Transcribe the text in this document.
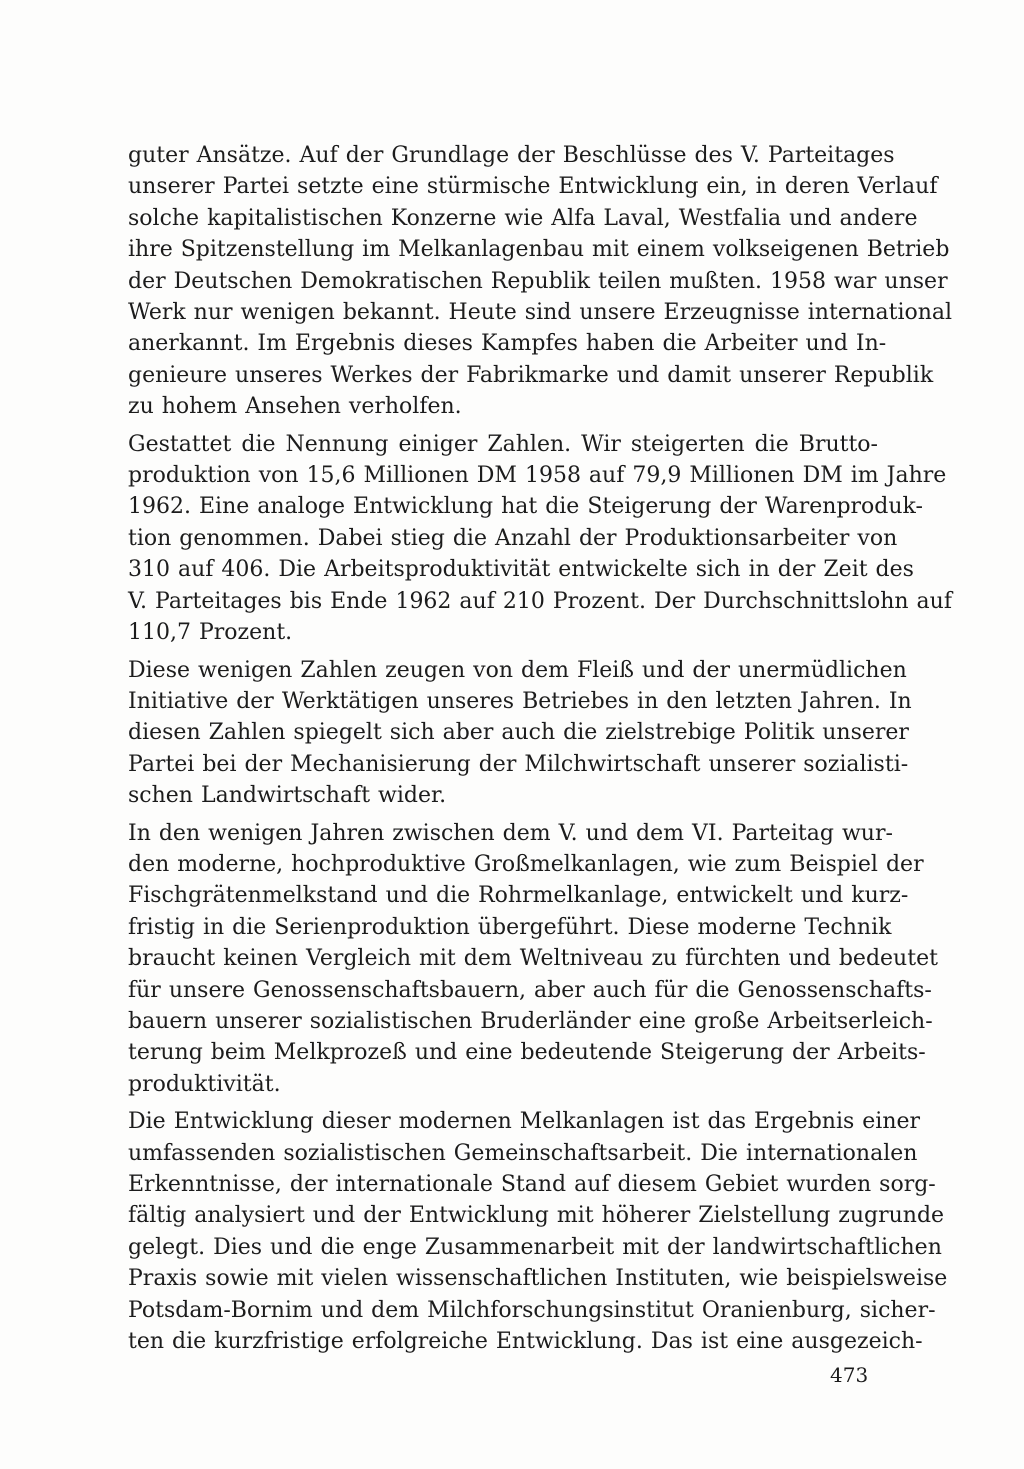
guter Ansätze. Auf der Grundlage der Beschlüsse des V. Parteitages
unserer Partei setzte eine stürmische Entwicklung ein, in deren Verlauf
solche kapitalistischen Konzerne wie Alfa Laval, Westfalia und andere
ihre Spitzenstellung im Melkanlagenbau mit einem volkseigenen Betrieb
der Deutschen Demokratischen Republik teilen mußten. 1958 war unser
Werk nur wenigen bekannt. Heute sind unsere Erzeugnisse international
anerkannt. Im Ergebnis dieses Kampfes haben die Arbeiter und In-
genieure unseres Werkes der Fabrikmarke und damit unserer Republik
zu hohem Ansehen verholfen.
Gestattet die Nennung einiger Zahlen. Wir steigerten die Brutto-
produktion von 15,6 Millionen DM 1958 auf 79,9 Millionen DM im Jahre
1962. Eine analoge Entwicklung hat die Steigerung der Warenproduk-
tion genommen. Dabei stieg die Anzahl der Produktionsarbeiter von
310 auf 406. Die Arbeitsproduktivität entwickelte sich in der Zeit des
V. Parteitages bis Ende 1962 auf 210 Prozent. Der Durchschnittslohn auf
110,7 Prozent.
Diese wenigen Zahlen zeugen von dem Fleiß und der unermüdlichen
Initiative der Werktätigen unseres Betriebes in den letzten Jahren. In
diesen Zahlen spiegelt sich aber auch die zielstrebige Politik unserer
Partei bei der Mechanisierung der Milchwirtschaft unserer sozialisti-
schen Landwirtschaft wider.
In den wenigen Jahren zwischen dem V. und dem VI. Parteitag wur-
den moderne, hochproduktive Großmelkanlagen, wie zum Beispiel der
Fischgrätenmelkstand und die Rohrmelkanlage, entwickelt und kurz-
fristig in die Serienproduktion übergeführt. Diese moderne Technik
braucht keinen Vergleich mit dem Weltniveau zu fürchten und bedeutet
für unsere Genossenschaftsbauern, aber auch für die Genossenschafts-
bauern unserer sozialistischen Bruderländer eine große Arbeitserleich-
terung beim Melkprozeß und eine bedeutende Steigerung der Arbeits-
produktivität.
Die Entwicklung dieser modernen Melkanlagen ist das Ergebnis einer
umfassenden sozialistischen Gemeinschaftsarbeit. Die internationalen
Erkenntnisse, der internationale Stand auf diesem Gebiet wurden sorg-
fältig analysiert und der Entwicklung mit höherer Zielstellung zugrunde
gelegt. Dies und die enge Zusammenarbeit mit der landwirtschaftlichen
Praxis sowie mit vielen wissenschaftlichen Instituten, wie beispielsweise
Potsdam-Bornim und dem Milchforschungsinstitut Oranienburg, sicher-
ten die kurzfristige erfolgreiche Entwicklung. Das ist eine ausgezeich-
473
